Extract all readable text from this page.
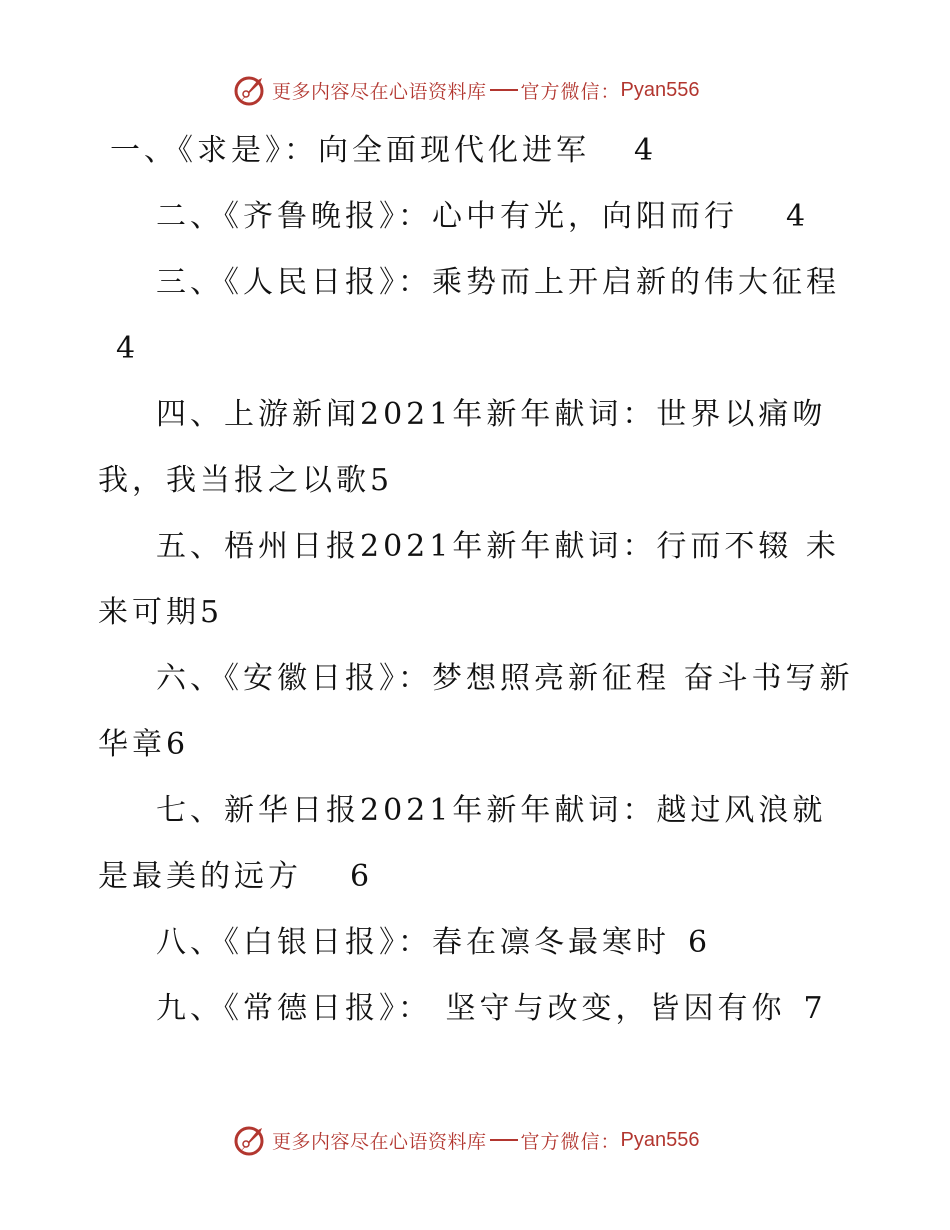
更多内容尽在心语资料库 官方微信： Pyan556

一、《求是》：向全面现代化进军 4

二、《齐鲁晚报》：心中有光，向阳而行 4

三、《人民日报》：乘势而上开启新的伟大征程4

四、上游新闻2021年新年献词：世界以痛吻我，我当报之以歌5

五、梧州日报2021年新年献词：行而不辍 未来可期5

六、《安徽日报》：梦想照亮新征程 奋斗书写新华章6

七、新华日报2021年新年献词：越过风浪就是最美的远方 6

八、《白银日报》：春在凛冬最寒时 6

九、《常德日报》： 坚守与改变，皆因有你 7

更多内容尽在心语资料库 官方微信： Pyan556
